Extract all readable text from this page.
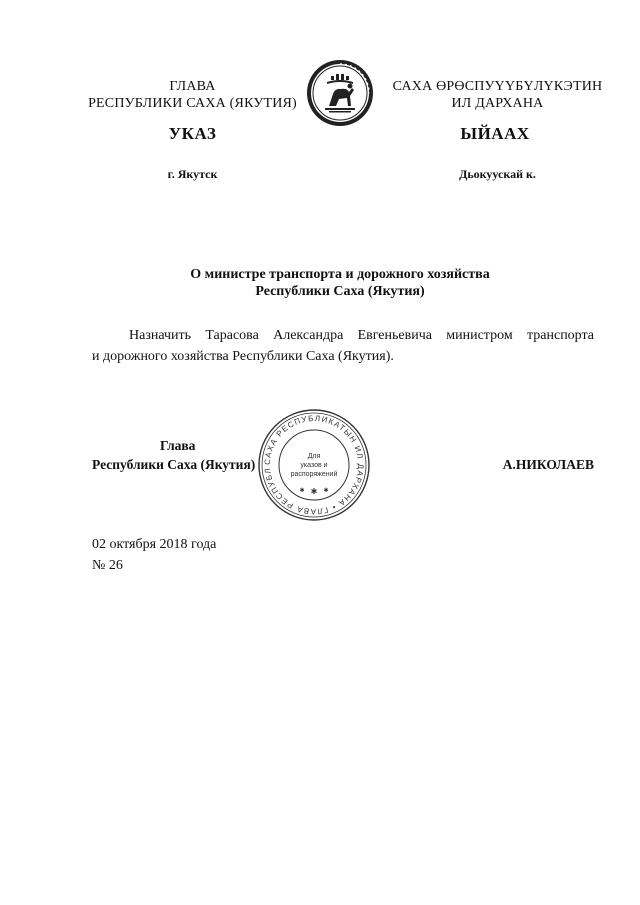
ГЛАВА
РЕСПУБЛИКИ САХА (ЯКУТИЯ)
САХА ӨРӨСПУҮҮБҮЛҮКЭТИН
ИЛ ДАРХАНА
УКАЗ	ЫЙААХ
г. Якутск	Дьокуускай к.
О министре транспорта и дорожного хозяйства
Республики Саха (Якутия)
Назначить Тарасова Александра Евгеньевича министром транспорта
и дорожного хозяйства Республики Саха (Якутия).
Глава
Республики Саха (Якутия)	А.НИКОЛАЕВ
САХА РЕСПУБЛИКАТЫН ИЛ ДАРХАНА • ГЛАВА РЕСПУБЛ
Для
указов и
распоряжений
✱
✱	✱
02 октября 2018 года
№ 26
